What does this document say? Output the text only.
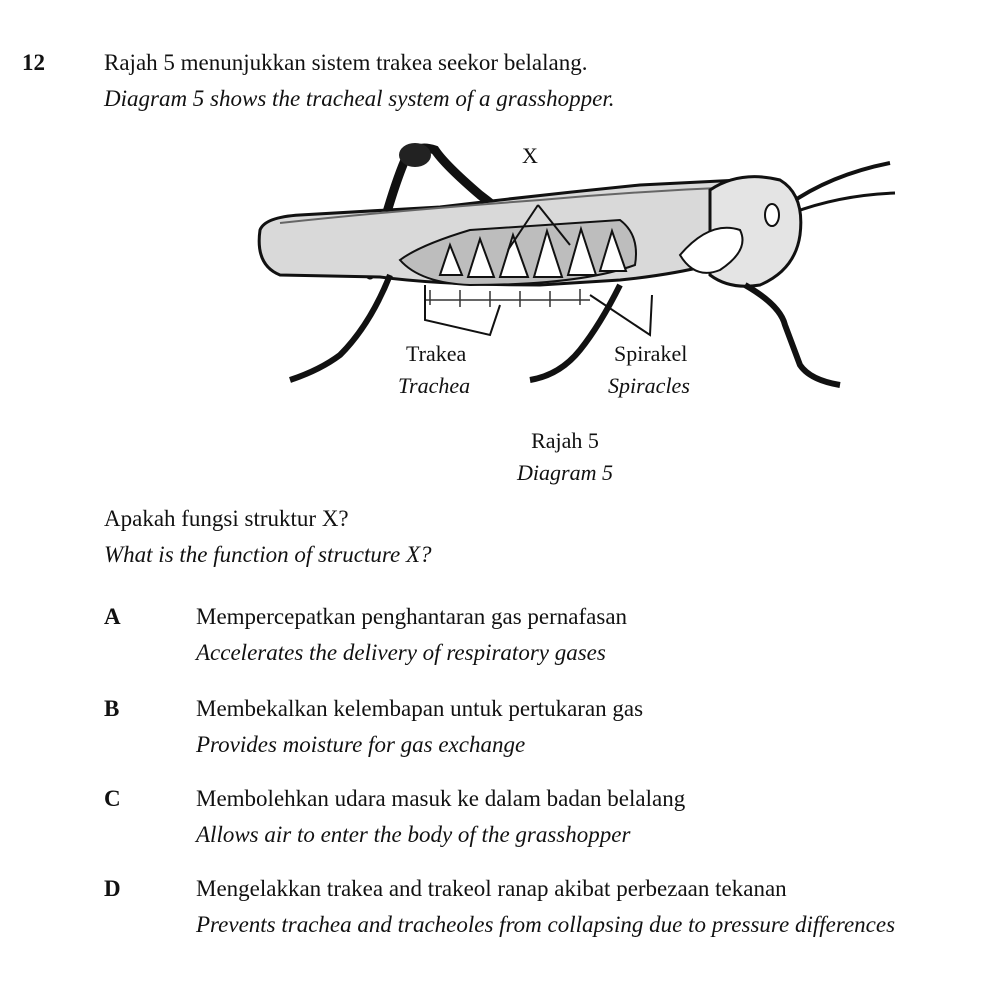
12	Rajah 5 menunjukkan sistem trakea seekor belalang.
Diagram 5 shows the tracheal system of a grasshopper.
X
Trakea
Trachea
Spirakel
Spiracles
Rajah 5
Diagram 5
Apakah fungsi struktur X?
What is the function of structure X?
A	Mempercepatkan penghantaran gas pernafasan
Accelerates the delivery of respiratory gases
B	Membekalkan kelembapan untuk pertukaran gas
Provides moisture for gas exchange
C	Membolehkan udara masuk ke dalam badan belalang
Allows air to enter the body of the grasshopper
D	Mengelakkan trakea and trakeol ranap akibat perbezaan tekanan
Prevents trachea and tracheoles from collapsing due to pressure differences
